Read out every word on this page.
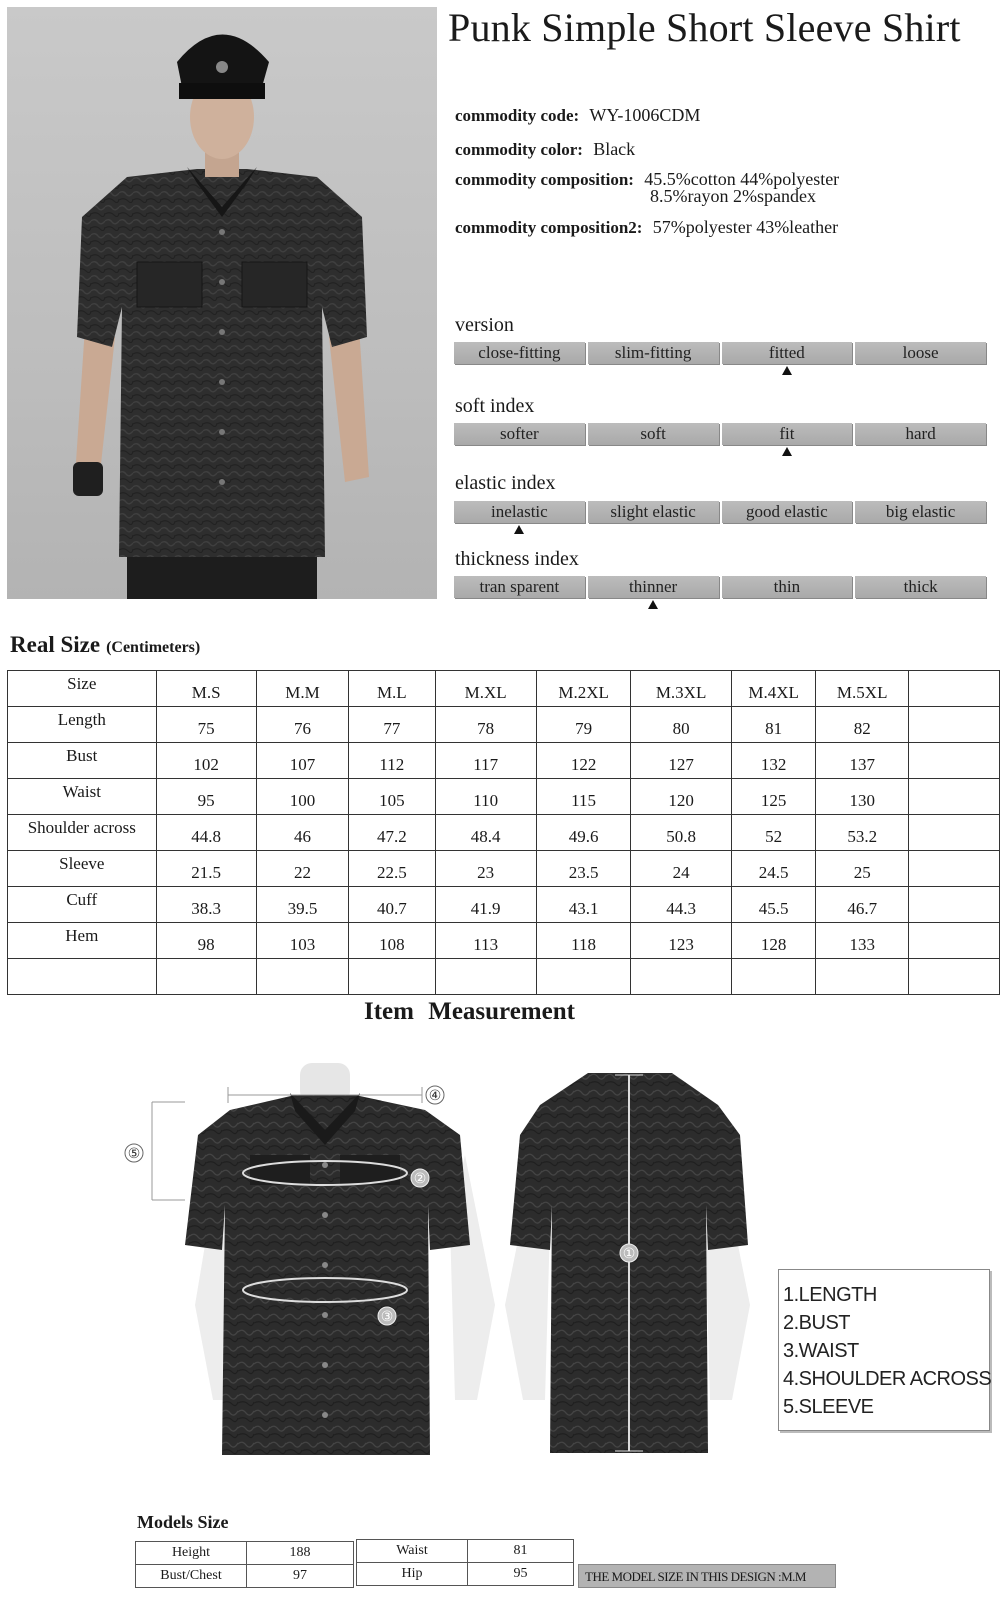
Punk Simple Short Sleeve Shirt
commodity code: WY-1006CDM
commodity color: Black
commodity composition: 45.5%cotton 44%polyester
8.5%rayon 2%spandex
commodity composition2: 57%polyester 43%leather
version
close-fitting	slim-fitting	fitted	loose
soft index
softer	soft	fit	hard
elastic index
inelastic	slight elastic	good elastic	big elastic
thickness index
tran sparent	thinner	thin	thick
Real Size (Centimeters)
Size	M.S	M.M	M.L	M.XL	M.2XL	M.3XL	M.4XL	M.5XL	
Length	75	76	77	78	79	80	81	82	
Bust	102	107	112	117	122	127	132	137	
Waist	95	100	105	110	115	120	125	130	
Shoulder across	44.8	46	47.2	48.4	49.6	50.8	52	53.2	
Sleeve	21.5	22	22.5	23	23.5	24	24.5	25	
Cuff	38.3	39.5	40.7	41.9	43.1	44.3	45.5	46.7	
Hem	98	103	108	113	118	123	128	133	

Item Measurement
④
⑤
②
③
①
1.LENGTH
2.BUST
3.WAIST
4.SHOULDER ACROSS
5.SLEEVE
Models Size
Height	188
Bust/Chest	97
Waist	81
Hip	95	THE MODEL SIZE IN THIS DESIGN :M.M
